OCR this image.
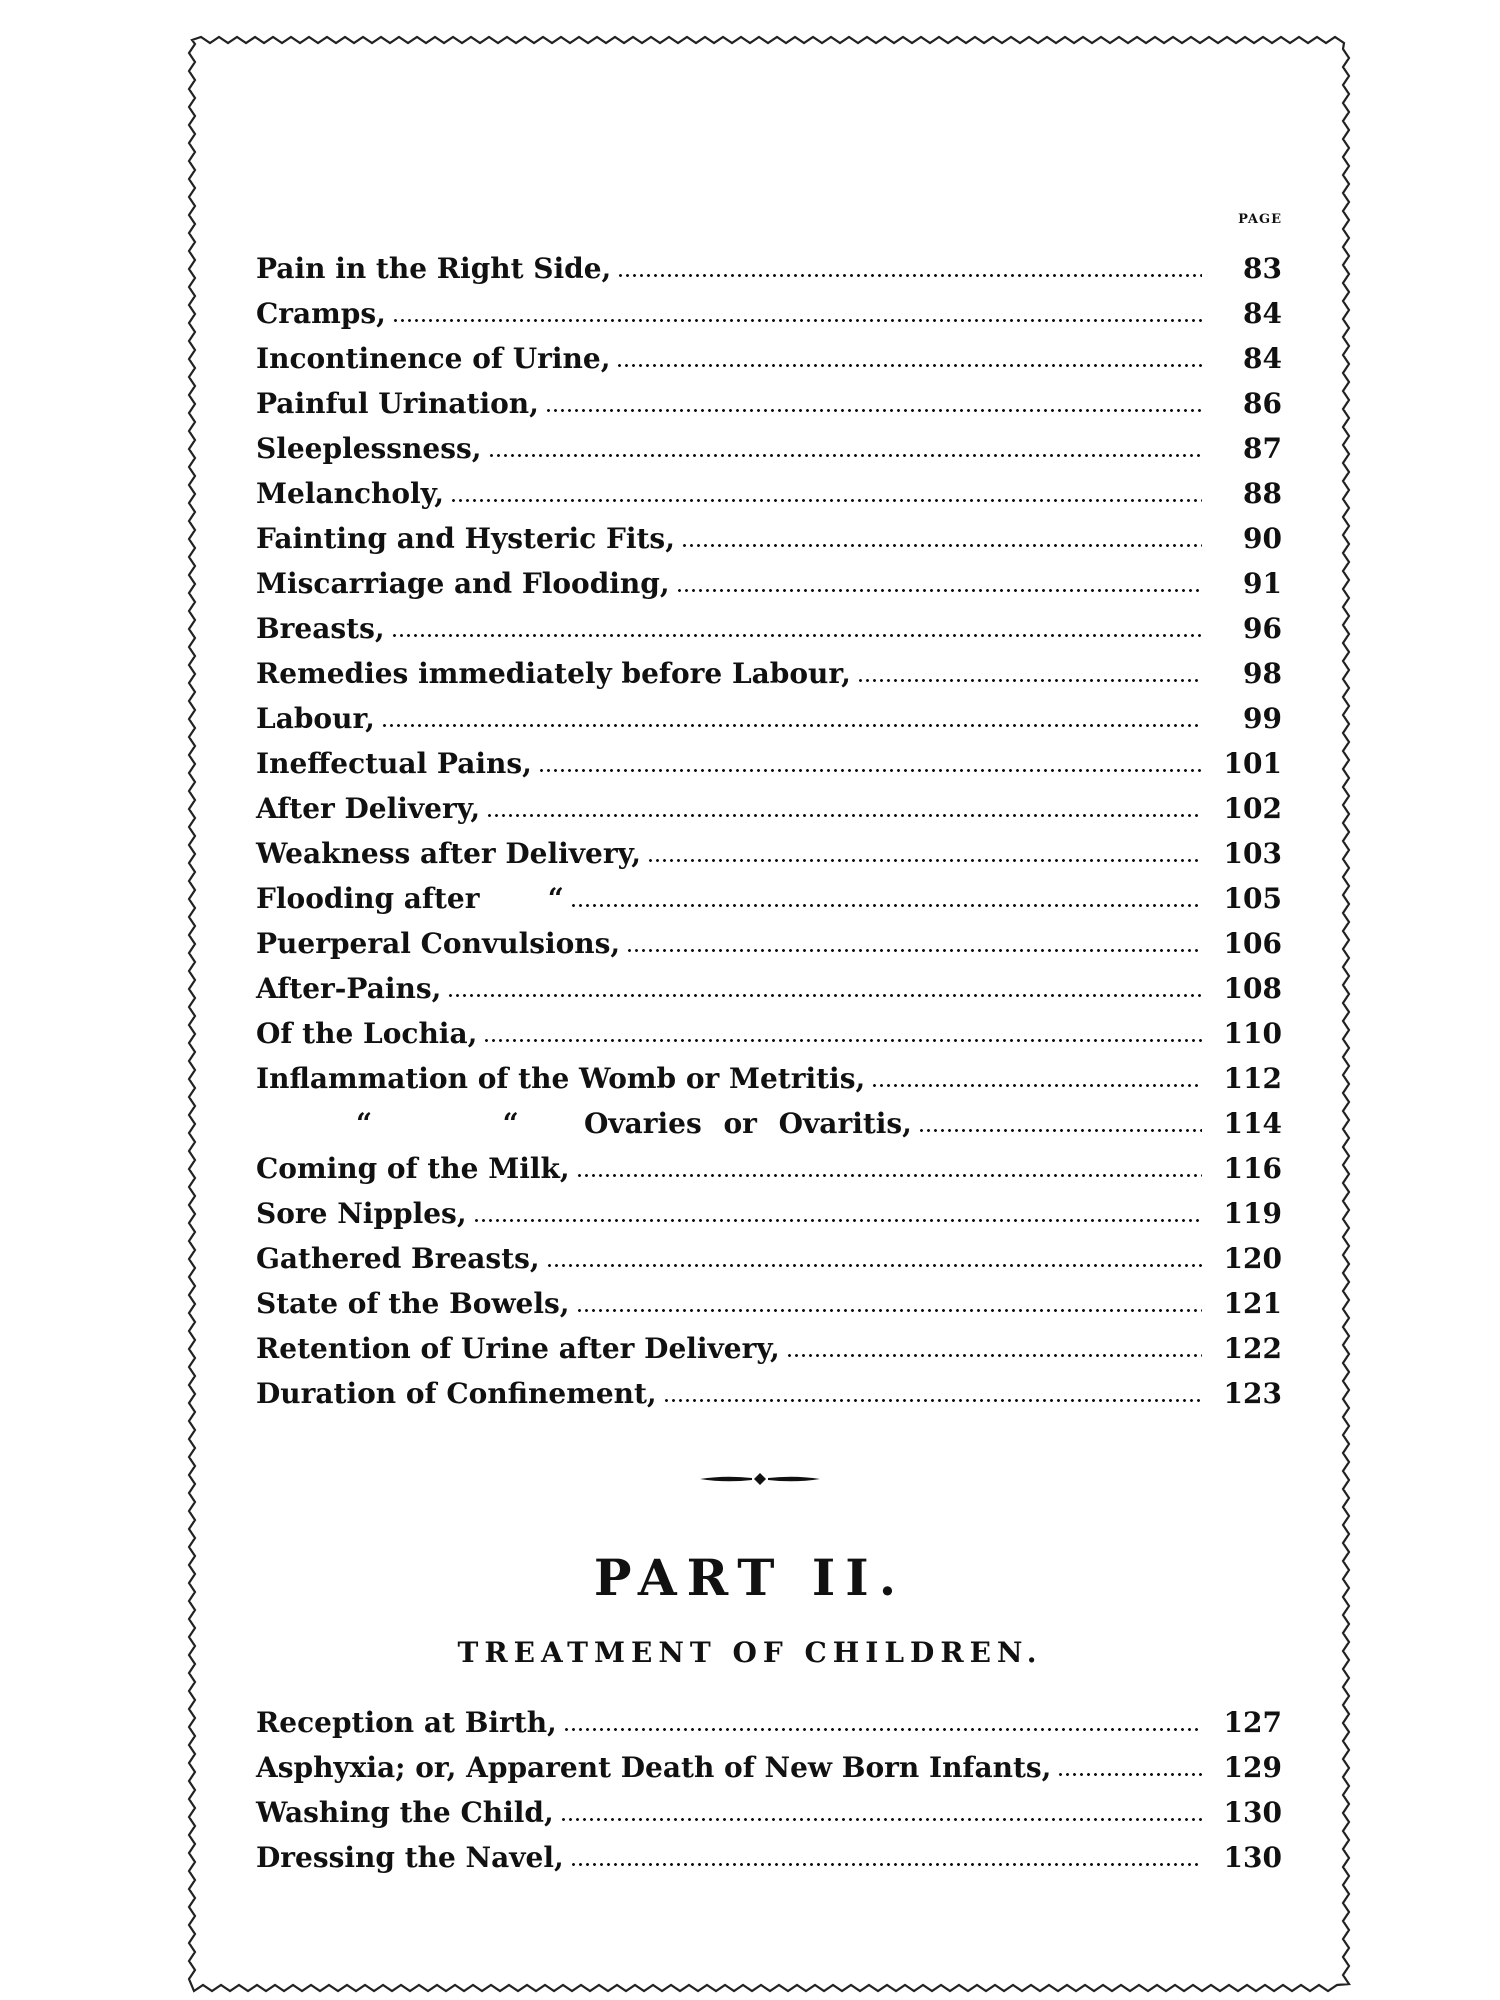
PAGE
Pain in the Right Side,	83
Cramps,	84
Incontinence of Urine,	84
Painful Urination,	86
Sleeplessness,	87
Melancholy,	88
Fainting and Hysteric Fits,	90
Miscarriage and Flooding,	91
Breasts,	96
Remedies immediately before Labour,	98
Labour,	99
Ineffectual Pains,	101
After Delivery,	102
Weakness after Delivery,	103
Flooding after       “	105
Puerperal Convulsions,	106
After-Pains,	108
Of the Lochia,	110
Inflammation of the Womb or Metritis,	112
“      “   Ovaries or Ovaritis,	114
Coming of the Milk,	116
Sore Nipples,	119
Gathered Breasts,	120
State of the Bowels,	121
Retention of Urine after Delivery,	122
Duration of Confinement,	123
PART II.
TREATMENT OF CHILDREN.
Reception at Birth,	127
Asphyxia; or, Apparent Death of New Born Infants,	129
Washing the Child,	130
Dressing the Navel,	130
